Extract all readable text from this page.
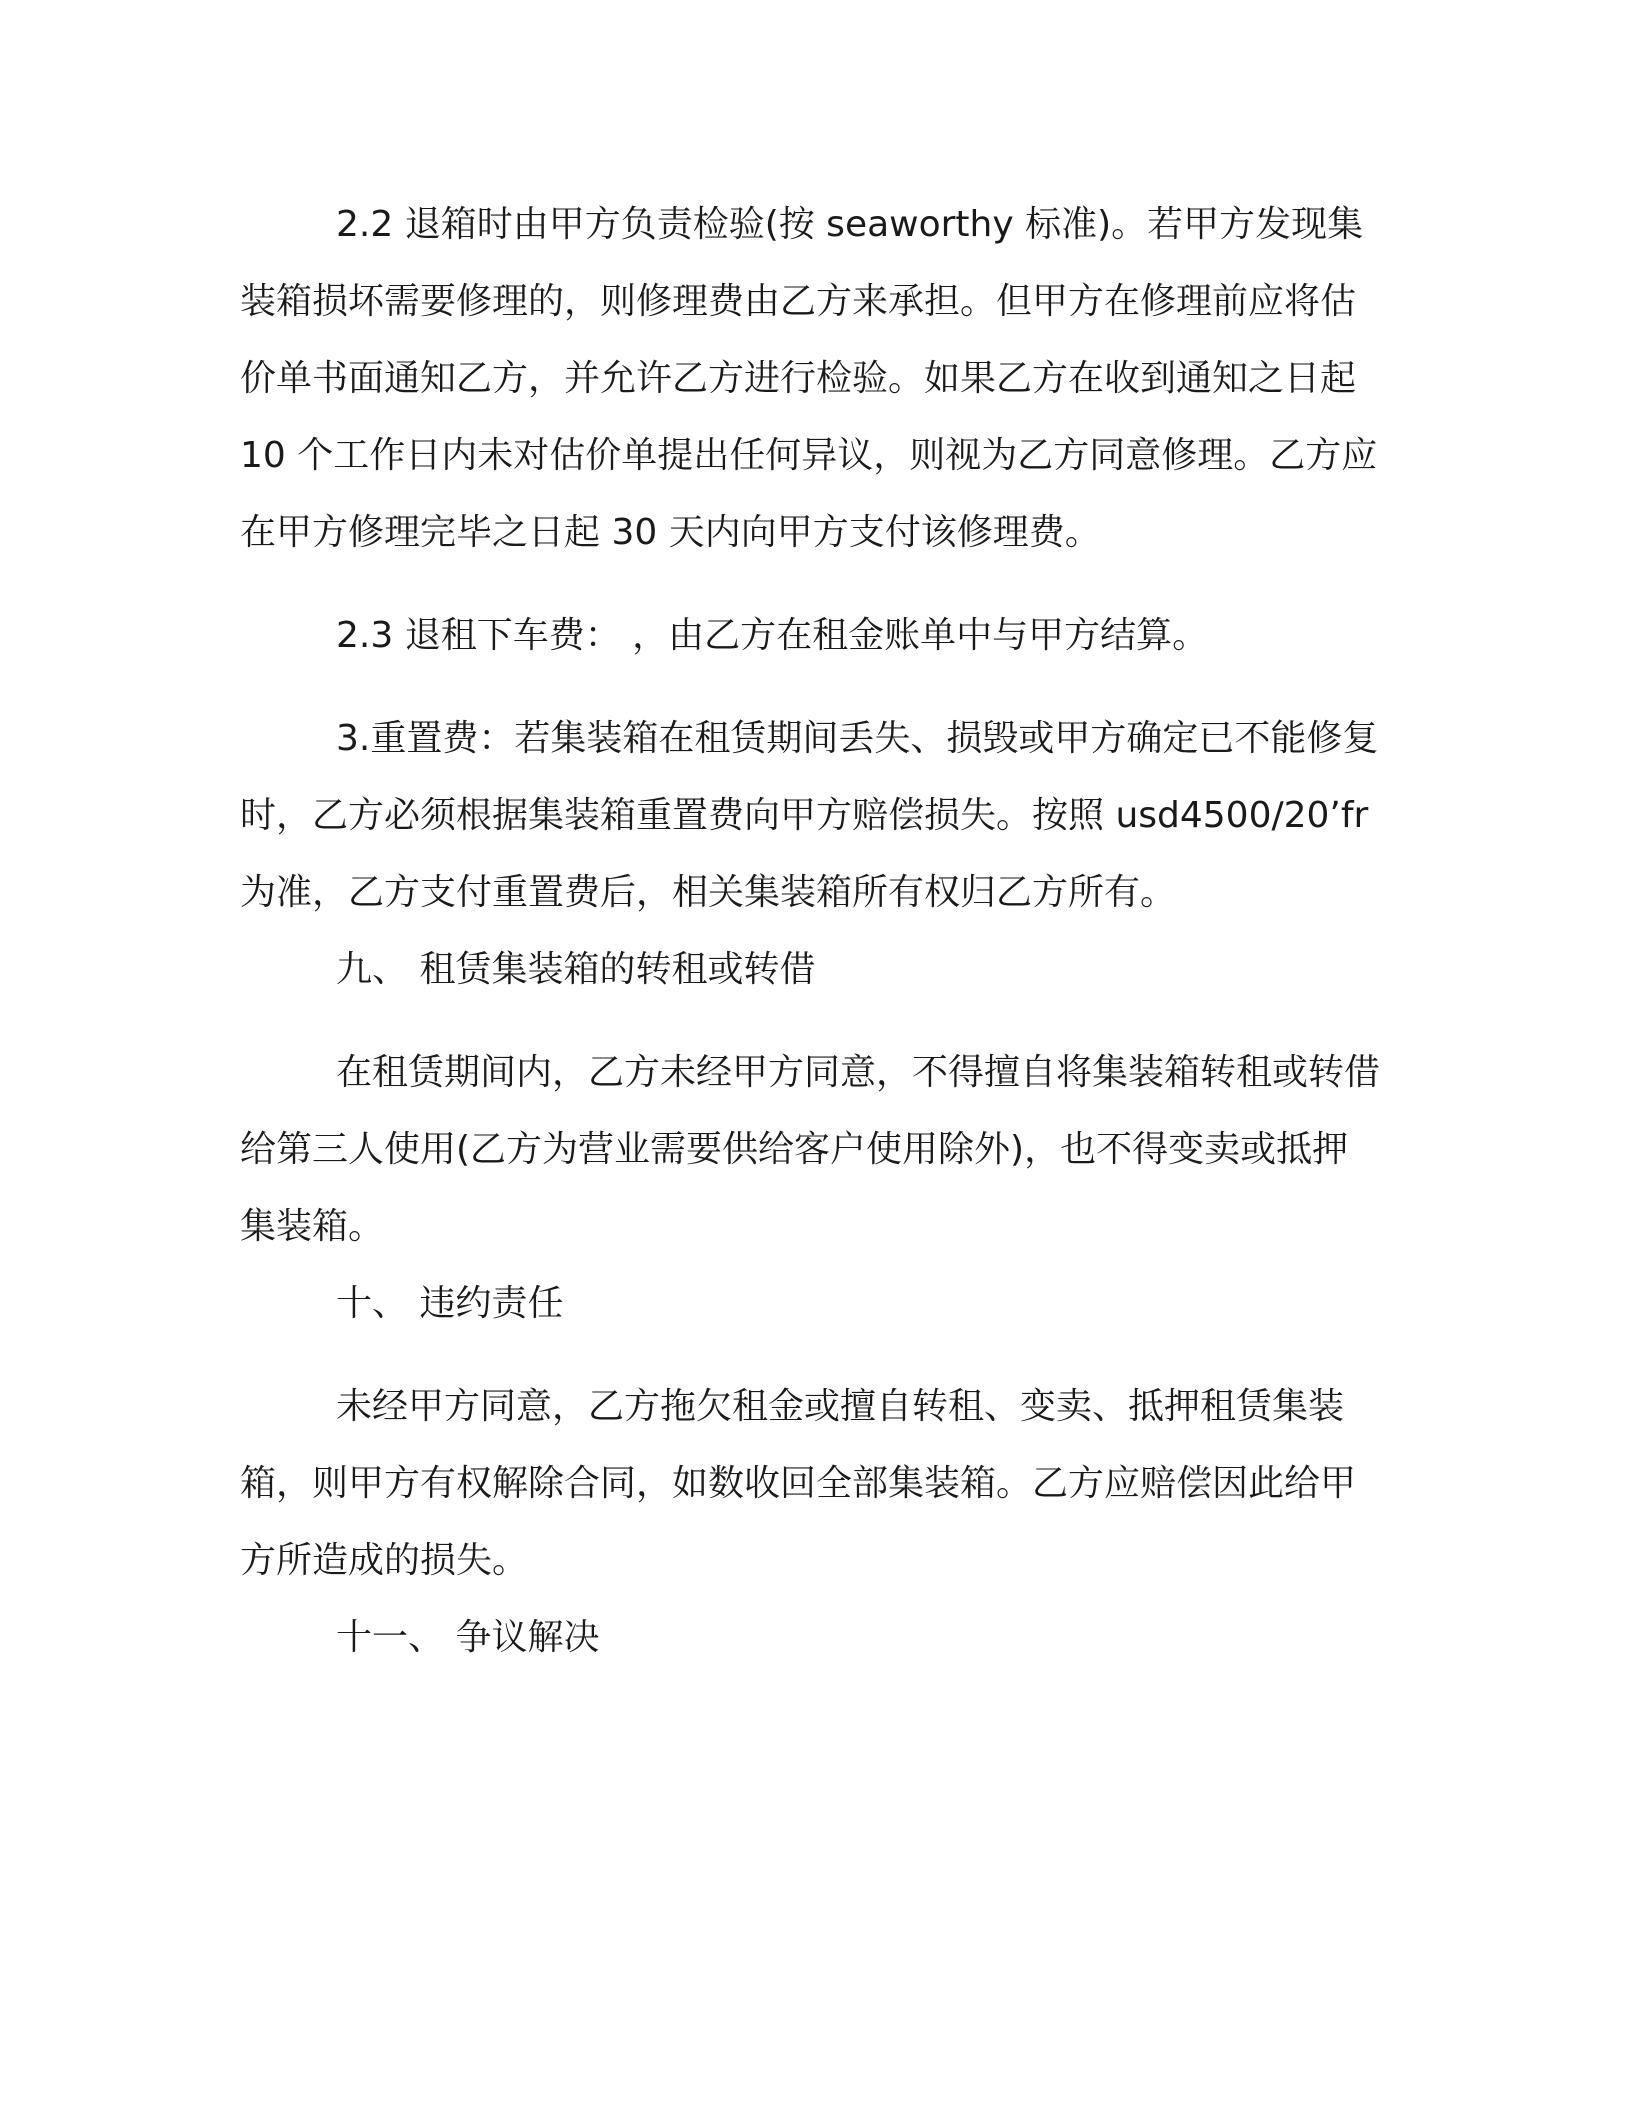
2.2 退箱时由甲方负责检验(按 seaworthy 标准)。若甲方发现集装箱损坏需要修理的，则修理费由乙方来承担。但甲方在修理前应将估价单书面通知乙方，并允许乙方进行检验。如果乙方在收到通知之日起 10 个工作日内未对估价单提出任何异议，则视为乙方同意修理。乙方应在甲方修理完毕之日起 30 天内向甲方支付该修理费。

2.3 退租下车费： ，由乙方在租金账单中与甲方结算。

3.重置费：若集装箱在租赁期间丢失、损毁或甲方确定已不能修复时，乙方必须根据集装箱重置费向甲方赔偿损失。按照 usd4500/20’fr 为准，乙方支付重置费后，相关集装箱所有权归乙方所有。

九、 租赁集装箱的转租或转借

在租赁期间内，乙方未经甲方同意，不得擅自将集装箱转租或转借给第三人使用(乙方为营业需要供给客户使用除外)，也不得变卖或抵押集装箱。

十、 违约责任

未经甲方同意，乙方拖欠租金或擅自转租、变卖、抵押租赁集装箱，则甲方有权解除合同，如数收回全部集装箱。乙方应赔偿因此给甲方所造成的损失。

十一、 争议解决
